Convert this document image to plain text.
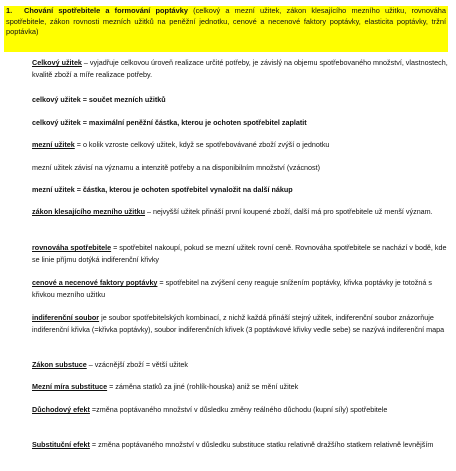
1. Chování spotřebitele a formování poptávky (celkový a mezní užitek, zákon klesajícího mezního užitku, rovnováha spotřebitele, zákon rovnosti mezních užitků na peněžní jednotku, cenové a necenové faktory poptávky, elasticita poptávky, tržní poptávka)

Celkový užitek – vyjadřuje celkovou úroveň realizace určité potřeby, je závislý na objemu spotřebovaného množství, vlastnostech, kvalitě zboží a míře realizace potřeby.

celkový užitek = součet mezních užitků

celkový užitek = maximální peněžní částka, kterou je ochoten spotřebitel zaplatit

mezní užitek = o kolik vzroste celkový užitek, když se spotřebovávané zboží zvýší o jednotku

mezní užitek závisí na významu a intenzitě potřeby a na disponibilním množství (vzácnost)

mezní užitek = částka, kterou je ochoten spotřebitel vynaložit na další nákup

zákon klesajícího mezního užitku – nejvyšší užitek přináší první koupené zboží, další má pro spotřebitele už menší význam.

rovnováha spotřebitele = spotřebitel nakoupí, pokud se mezní užitek rovní ceně. Rovnováha spotřebitele se nachází v bodě, kde se linie příjmu dotýká indiferenční křivky

cenové a necenové faktory poptávky = spotřebitel na zvýšení ceny reaguje snížením poptávky, křivka poptávky je totožná s křivkou mezního užitku

indiferenční soubor je soubor spotřebitelských kombinací, z nichž každá přináší stejný užitek, indiferenční soubor znázorňuje indiferenční křivka (=křivka poptávky), soubor indiferenčních křivek (3 poptávkové křivky vedle sebe) se nazývá indiferenční mapa

Zákon substuce – vzácnější zboží = větší užitek

Mezní míra substituce = záměna statků za jiné (rohlík-houska) aniž se mění užitek

Důchodový efekt =změna poptávaného množství v důsledku změny reálného důchodu (kupní síly) spotřebitele

Substituční efekt = změna poptávaného množství v důsledku substituce statku relativně dražšího statkem relativně levnějším
